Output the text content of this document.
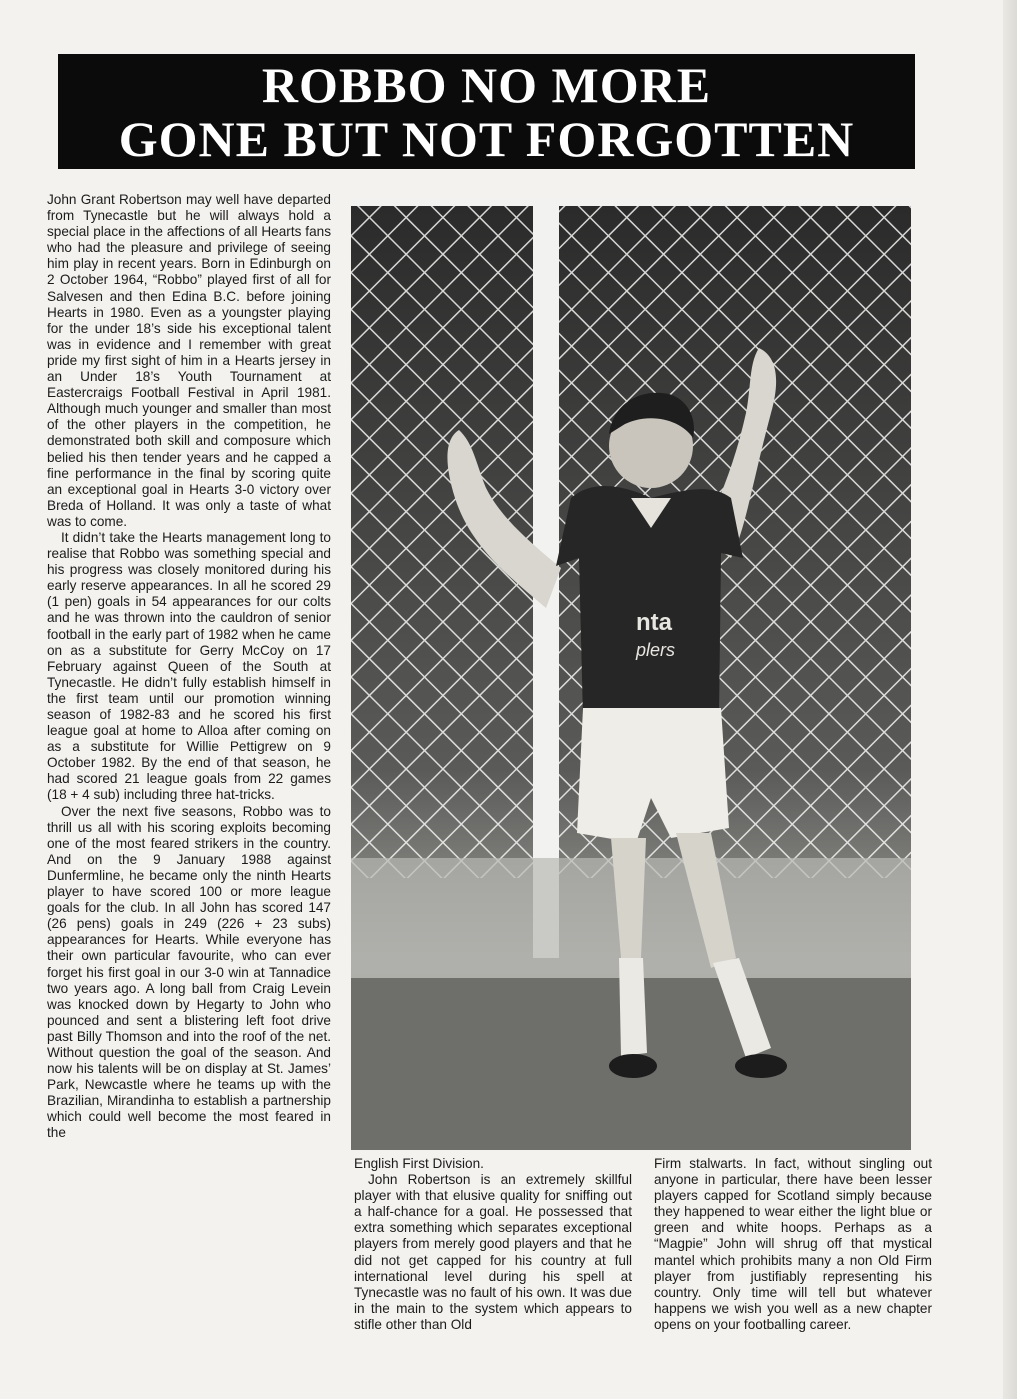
ROBBO NO MORE
GONE BUT NOT FORGOTTEN

John Grant Robertson may well have departed from Tynecastle but he will always hold a special place in the affections of all Hearts fans who had the pleasure and privilege of seeing him play in recent years. Born in Edinburgh on 2 October 1964, “Robbo” played first of all for Salvesen and then Edina B.C. before joining Hearts in 1980. Even as a youngster playing for the under 18’s side his exceptional talent was in evidence and I remember with great pride my first sight of him in a Hearts jersey in an Under 18’s Youth Tournament at Eastercraigs Football Festival in April 1981. Although much younger and smaller than most of the other players in the competition, he demonstrated both skill and composure which belied his then tender years and he capped a fine performance in the final by scoring quite an exceptional goal in Hearts 3-0 victory over Breda of Holland. It was only a taste of what was to come.

It didn’t take the Hearts management long to realise that Robbo was something special and his progress was closely monitored during his early reserve appearances. In all he scored 29 (1 pen) goals in 54 appearances for our colts and he was thrown into the cauldron of senior football in the early part of 1982 when he came on as a substitute for Gerry McCoy on 17 February against Queen of the South at Tynecastle. He didn’t fully establish himself in the first team until our promotion winning season of 1982-83 and he scored his first league goal at home to Alloa after coming on as a substitute for Willie Pettigrew on 9 October 1982. By the end of that season, he had scored 21 league goals from 22 games (18 + 4 sub) including three hat-tricks.

Over the next five seasons, Robbo was to thrill us all with his scoring exploits becoming one of the most feared strikers in the country. And on the 9 January 1988 against Dunfermline, he became only the ninth Hearts player to have scored 100 or more league goals for the club. In all John has scored 147 (26 pens) goals in 249 (226 + 23 subs) appearances for Hearts. While everyone has their own particular favourite, who can ever forget his first goal in our 3-0 win at Tannadice two years ago. A long ball from Craig Levein was knocked down by Hegarty to John who pounced and sent a blistering left foot drive past Billy Thomson and into the roof of the net. Without question the goal of the season. And now his talents will be on display at St. James’ Park, Newcastle where he teams up with the Brazilian, Mirandinha to establish a partnership which could well become the most feared in the

nta
plers

English First Division.

John Robertson is an extremely skillful player with that elusive quality for sniffing out a half-chance for a goal. He possessed that extra something which separates exceptional players from merely good players and that he did not get capped for his country at full international level during his spell at Tynecastle was no fault of his own. It was due in the main to the system which appears to stifle other than Old

Firm stalwarts. In fact, without singling out anyone in particular, there have been lesser players capped for Scotland simply because they happened to wear either the light blue or green and white hoops. Perhaps as a “Magpie” John will shrug off that mystical mantel which prohibits many a non Old Firm player from justifiably representing his country. Only time will tell but whatever happens we wish you well as a new chapter opens on your footballing career.
